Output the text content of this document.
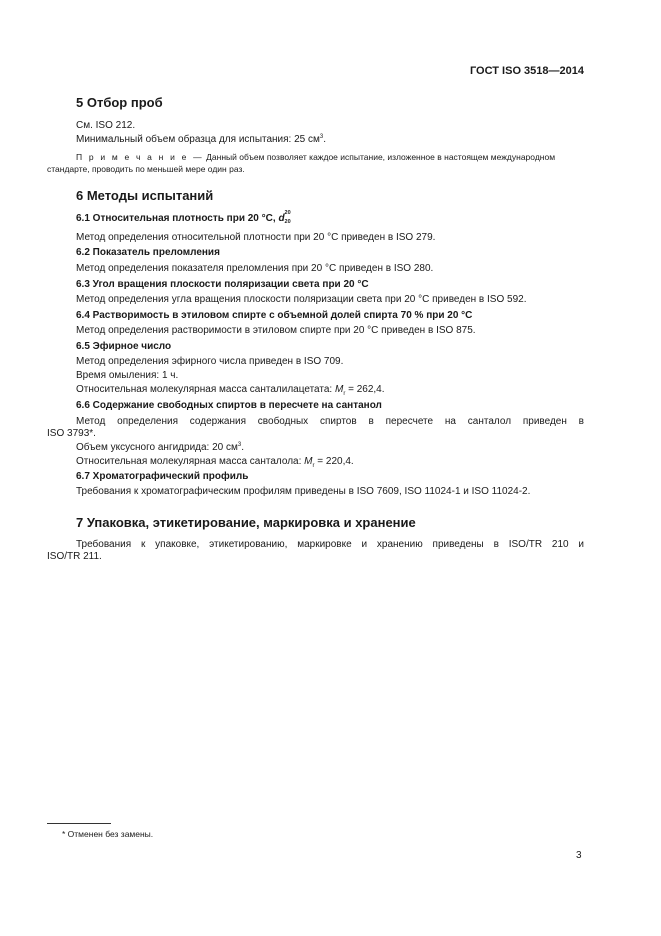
ГОСТ ISO 3518—2014
5 Отбор проб
См. ISO 212.
Минимальный объем образца для испытания: 25 $см^3$.
П р и м е ч а н и е — Данный объем позволяет каждое испытание, изложенное в настоящем международном стандарте, проводить по меньшей мере один раз.
6 Методы испытаний
6.1 Относительная плотность при 20 °С, d 20
20
Метод определения относительной плотности при 20 °С приведен в ISO 279.
6.2 Показатель преломления
Метод определения показателя преломления при 20 °С приведен в ISO 280.
6.3 Угол вращения плоскости поляризации света при 20 °С
Метод определения угла вращения плоскости поляризации света при 20 °С приведен в ISO 592.
6.4 Растворимость в этиловом спирте с объемной долей спирта 70 % при 20 °С
Метод определения растворимости в этиловом спирте при 20 °С приведен в ISO 875.
6.5 Эфирное число
Метод определения эфирного числа приведен в ISO 709.
Время омыления: 1 ч.
Относительная молекулярная масса санталилацетата: $M_r = 262,4$.
6.6 Содержание свободных спиртов в пересчете на сантанол
Метод определения содержания свободных спиртов в пересчете на санталол приведен в
ISO 3793*.
Объем уксусного ангидрида: 20 $см^3$.
Относительная молекулярная масса санталола: $M_r = 220,4$.
6.7 Хроматографический профиль
Требования к хроматографическим профилям приведены в ISO 7609, ISO 11024-1 и ISO 11024-2.
7 Упаковка, этикетирование, маркировка и хранение
Требования к упаковке, этикетированию, маркировке и хранению приведены в ISO/TR 210 и
ISO/TR 211.
* Отменен без замены.
3
